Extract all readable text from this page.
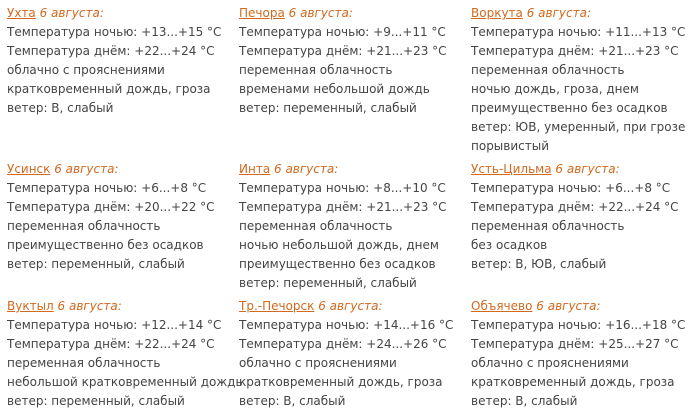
Ухта 6 августа:
Температура ночью: +13...+15 °C
Температура днём: +22...+24 °C
облачно с прояснениями
кратковременный дождь, гроза
ветер: В, слабый
Печора 6 августа:
Температура ночью: +9...+11 °C
Температура днём: +21...+23 °C
переменная облачность
временами небольшой дождь
ветер: переменный, слабый
Воркута 6 августа:
Температура ночью: +11...+13 °C
Температура днём: +21...+23 °C
переменная облачность
ночью дождь, гроза, днем
преимущественно без осадков
ветер: ЮВ, умеренный, при грозе
порывистый
Усинск 6 августа:
Температура ночью: +6...+8 °C
Температура днём: +20...+22 °C
переменная облачность
преимущественно без осадков
ветер: переменный, слабый
Инта 6 августа:
Температура ночью: +8...+10 °C
Температура днём: +21...+23 °C
переменная облачность
ночью небольшой дождь, днем
преимущественно без осадков
ветер: переменный, слабый
Усть-Цильма 6 августа:
Температура ночью: +6...+8 °C
Температура днём: +22...+24 °C
переменная облачность
без осадков
ветер: В, ЮВ, слабый
Вуктыл 6 августа:
Температура ночью: +12...+14 °C
Температура днём: +22...+24 °C
переменная облачность
небольшой кратковременный дождь
ветер: переменный, слабый
Тр.-Печорск 6 августа:
Температура ночью: +14...+16 °C
Температура днём: +24...+26 °C
облачно с прояснениями
кратковременный дождь, гроза
ветер: В, слабый
Объячево 6 августа:
Температура ночью: +16...+18 °C
Температура днём: +25...+27 °C
облачно с прояснениями
кратковременный дождь, гроза
ветер: В, слабый
